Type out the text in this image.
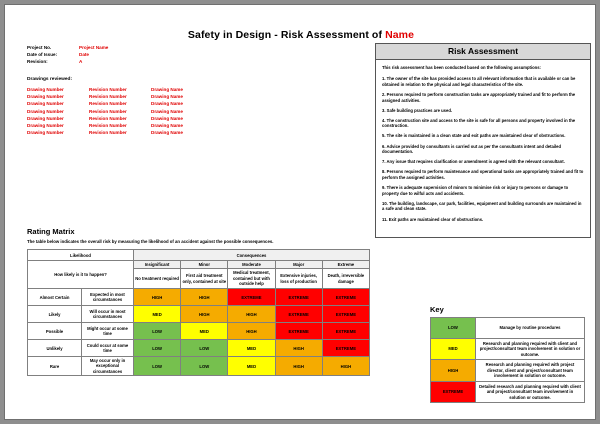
Safety in Design - Risk Assessment of Name
Project No.	Project Name
Date of Issue:	Date
Revision:	A
Drawings reviewed:
Drawing Number	Revision Number	Drawing Name
Drawing Number	Revision Number	Drawing Name
Drawing Number	Revision Number	Drawing Name
Drawing Number	Revision Number	Drawing Name
Drawing Number	Revision Number	Drawing Name
Drawing Number	Revision Number	Drawing Name
Drawing Number	Revision Number	Drawing Name
Risk Assessment
This risk assessment has been conducted based on the following assumptions:
1. The owner of the site has provided access to all relevant information that is available or can be obtained in relation to the physical and legal characteristics of the site.
2. Persons required to perform construction tasks are appropriately trained and fit to perform the assigned activities.
3. Safe building practices are used.
4. The construction site and access to the site is safe for all persons and property involved in the construction.
5. The site is maintained in a clean state and exit paths are maintained clear of obstructions.
6. Advice provided by consultants is carried out as per the consultants intent and detailed documentation.
7. Any issue that requires clarification or amendment is agreed with the relevant consultant.
8. Persons required to perform maintenance and operational tasks are appropriately trained and fit to perform the assigned activities.
9. There is adequate supervision of minors to minimise risk or injury to persons or damage to property due to wilful acts and accidents.
10. The building, landscape, car park, facilities, equipment and building surrounds are maintained in a safe and clean state.
11. Exit paths are maintained clear of obstructions.
Rating Matrix
The table below indicates the overall risk by measuring the likelihood of an accident against the possible consequences.
Likelihood		Consequences				
How likely is it to happen?		Insignificant	Minor	Moderate	Major	Extreme
		No treatment required	First aid treatment only, contained at site	Medical treatment, contained but with outside help	Extensive injuries, loss of production	Death, irreversible damage
Almost Certain	Expected in most circumstances	HIGH	HIGH	EXTREME	EXTREME	EXTREME
Likely	Will occur in most circumstances	MED	HIGH	HIGH	EXTREME	EXTREME
Possible	Might occur at some time	LOW	MED	HIGH	EXTREME	EXTREME
Unlikely	Could occur at some time	LOW	LOW	MED	HIGH	EXTREME
Rare	May occur only in exceptional circumstances	LOW	LOW	MED	HIGH	HIGH
Key
LOW	Manage by routine procedures
MED	Research and planning required with client and project/consultant team involvement in solution or outcome.
HIGH	Research and planning required with project director, client and project/consultant team involvement in solution or outcome.
EXTREME	Detailed research and planning required with client and project/consultant team involvement in solution or outcome.
